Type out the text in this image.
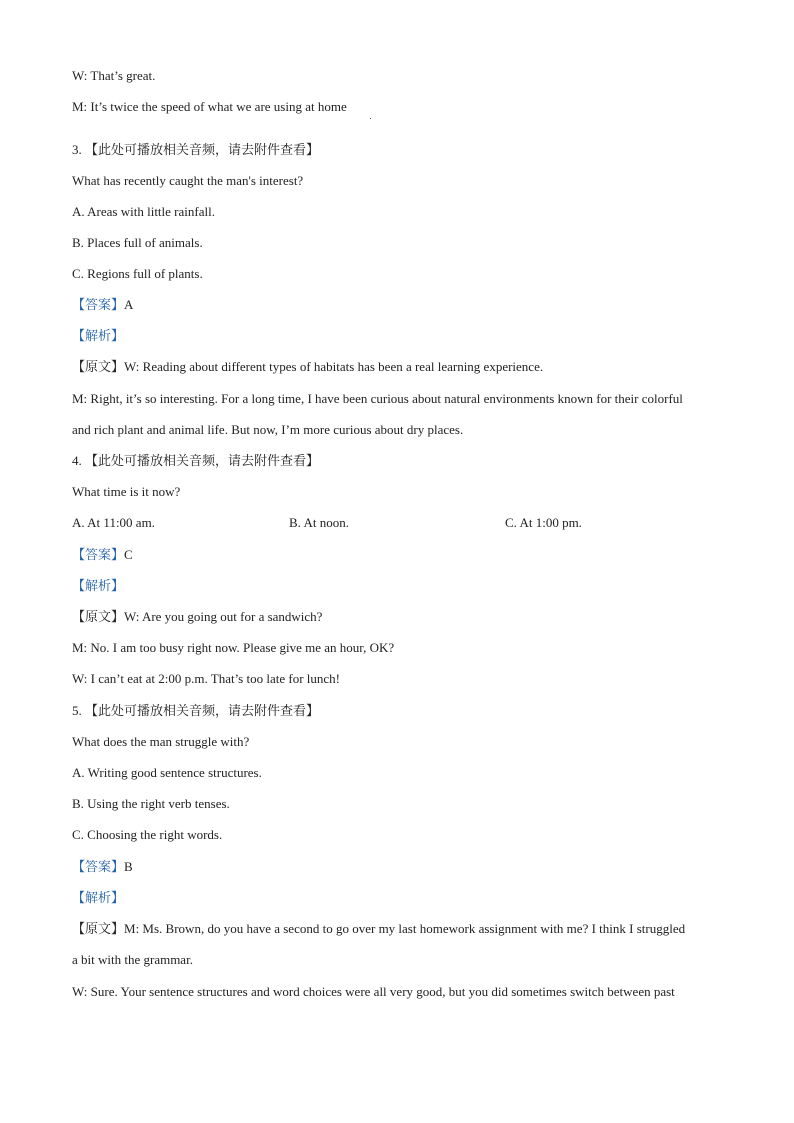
W: That’s great.
M: It’s twice the speed of what we are using at home
3. 【此处可播放相关音频，请去附件查看】
What has recently caught the man's interest?
A. Areas with little rainfall.
B. Places full of animals.
C. Regions full of plants.
【答案】A
【解析】
【原文】W: Reading about different types of habitats has been a real learning experience.
M: Right, it’s so interesting. For a long time, I have been curious about natural environments known for their colorful
and rich plant and animal life. But now, I’m more curious about dry places.
4. 【此处可播放相关音频，请去附件查看】
What time is it now?
A. At 11:00 am.	B. At noon.	C. At 1:00 pm.
【答案】C
【解析】
【原文】W: Are you going out for a sandwich?
M: No. I am too busy right now. Please give me an hour, OK?
W: I can’t eat at 2:00 p.m. That’s too late for lunch!
5. 【此处可播放相关音频，请去附件查看】
What does the man struggle with?
A. Writing good sentence structures.
B. Using the right verb tenses.
C. Choosing the right words.
【答案】B
【解析】
【原文】M: Ms. Brown, do you have a second to go over my last homework assignment with me? I think I struggled
a bit with the grammar.
W: Sure. Your sentence structures and word choices were all very good, but you did sometimes switch between past
